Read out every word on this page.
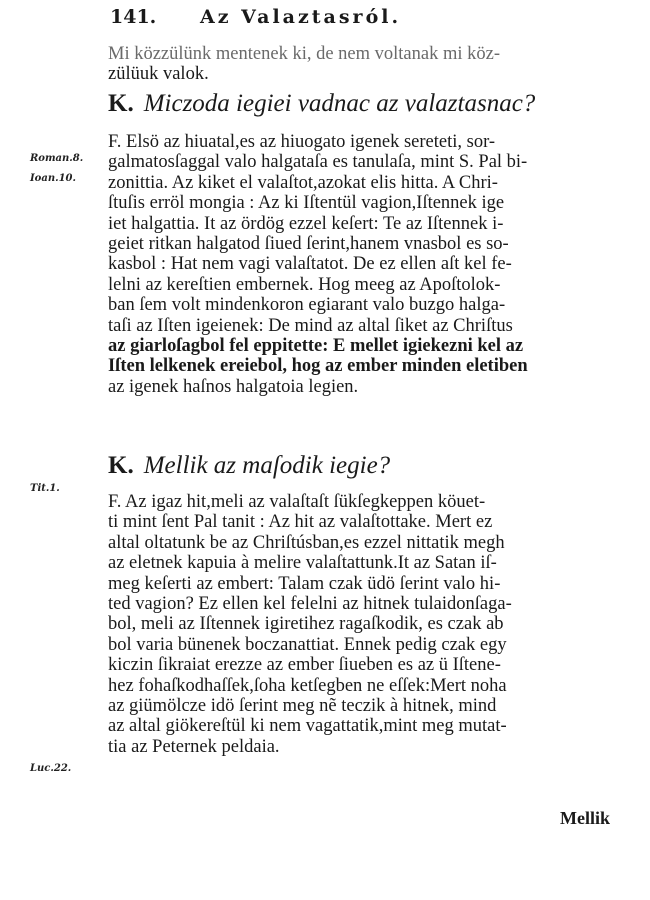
141. Az Valaztasról.
Mi közzülünk mentenek ki, de nem voltanak mi köz-
zülüuk valok.
K. Miczoda iegiei vadnac az valaztasnac?
F. Elsö az hiuatal,es az hiuogato igenek sereteti, sor-
galmatosſaggal valo halgataſa es tanulaſa, mint S. Pal bi-
zonittia. Az kiket el valaſtot,azokat elis hitta. A Chri-
ſtuſis erröl mongia : Az ki Iſtentül vagion,Iſtennek ige
iet halgattia. It az ördög ezzel keſert: Te az Iſtennek i-
geiet ritkan halgatod ſiued ſerint,hanem vnasbol es so-
kasbol : Hat nem vagi valaſtatot. De ez ellen aſt kel fe-
lelni az kereſtien embernek. Hog meeg az Apoſtolok-
ban ſem volt mindenkoron egiarant valo buzgo halga-
taſi az Iſten igeienek: De mind az altal ſiket az Chriſtus
az giarloſagbol fel eppitette: E mellet igiekezni kel az
Iſten lelkenek ereiebol, hog az ember minden eletiben
az igenek haſnos halgatoia legien.
K. Mellik az maſodik iegie?
F. Az igaz hit,meli az valaſtaſt ſükſegkeppen köuet-
ti mint ſent Pal tanit : Az hit az valaſtottake. Mert ez
altal oltatunk be az Chriſtúsban,es ezzel nittatik megh
az eletnek kapuia à melire valaſtattunk.It az Satan iſ-
meg keſerti az embert: Talam czak üdö ſerint valo hi-
ted vagion? Ez ellen kel felelni az hitnek tulaidonſaga-
bol, meli az Iſtennek igiretihez ragaſkodik, es czak ab
bol varia bünenek boczanattiat. Ennek pedig czak egy
kiczin ſikraiat erezze az ember ſiueben es az ü Iſtene-
hez fohaſkodhaſſek,ſoha ketſegben ne eſſek:Mert noha
az giümölcze idö ſerint meg nẽ teczik à hitnek, mind
az altal giökereſtül ki nem vagattatik,mint meg mutat-
tia az Peternek peldaia.
Roman.8.
Ioan.10.
Tit.1.
Luc.22.
Mellik
